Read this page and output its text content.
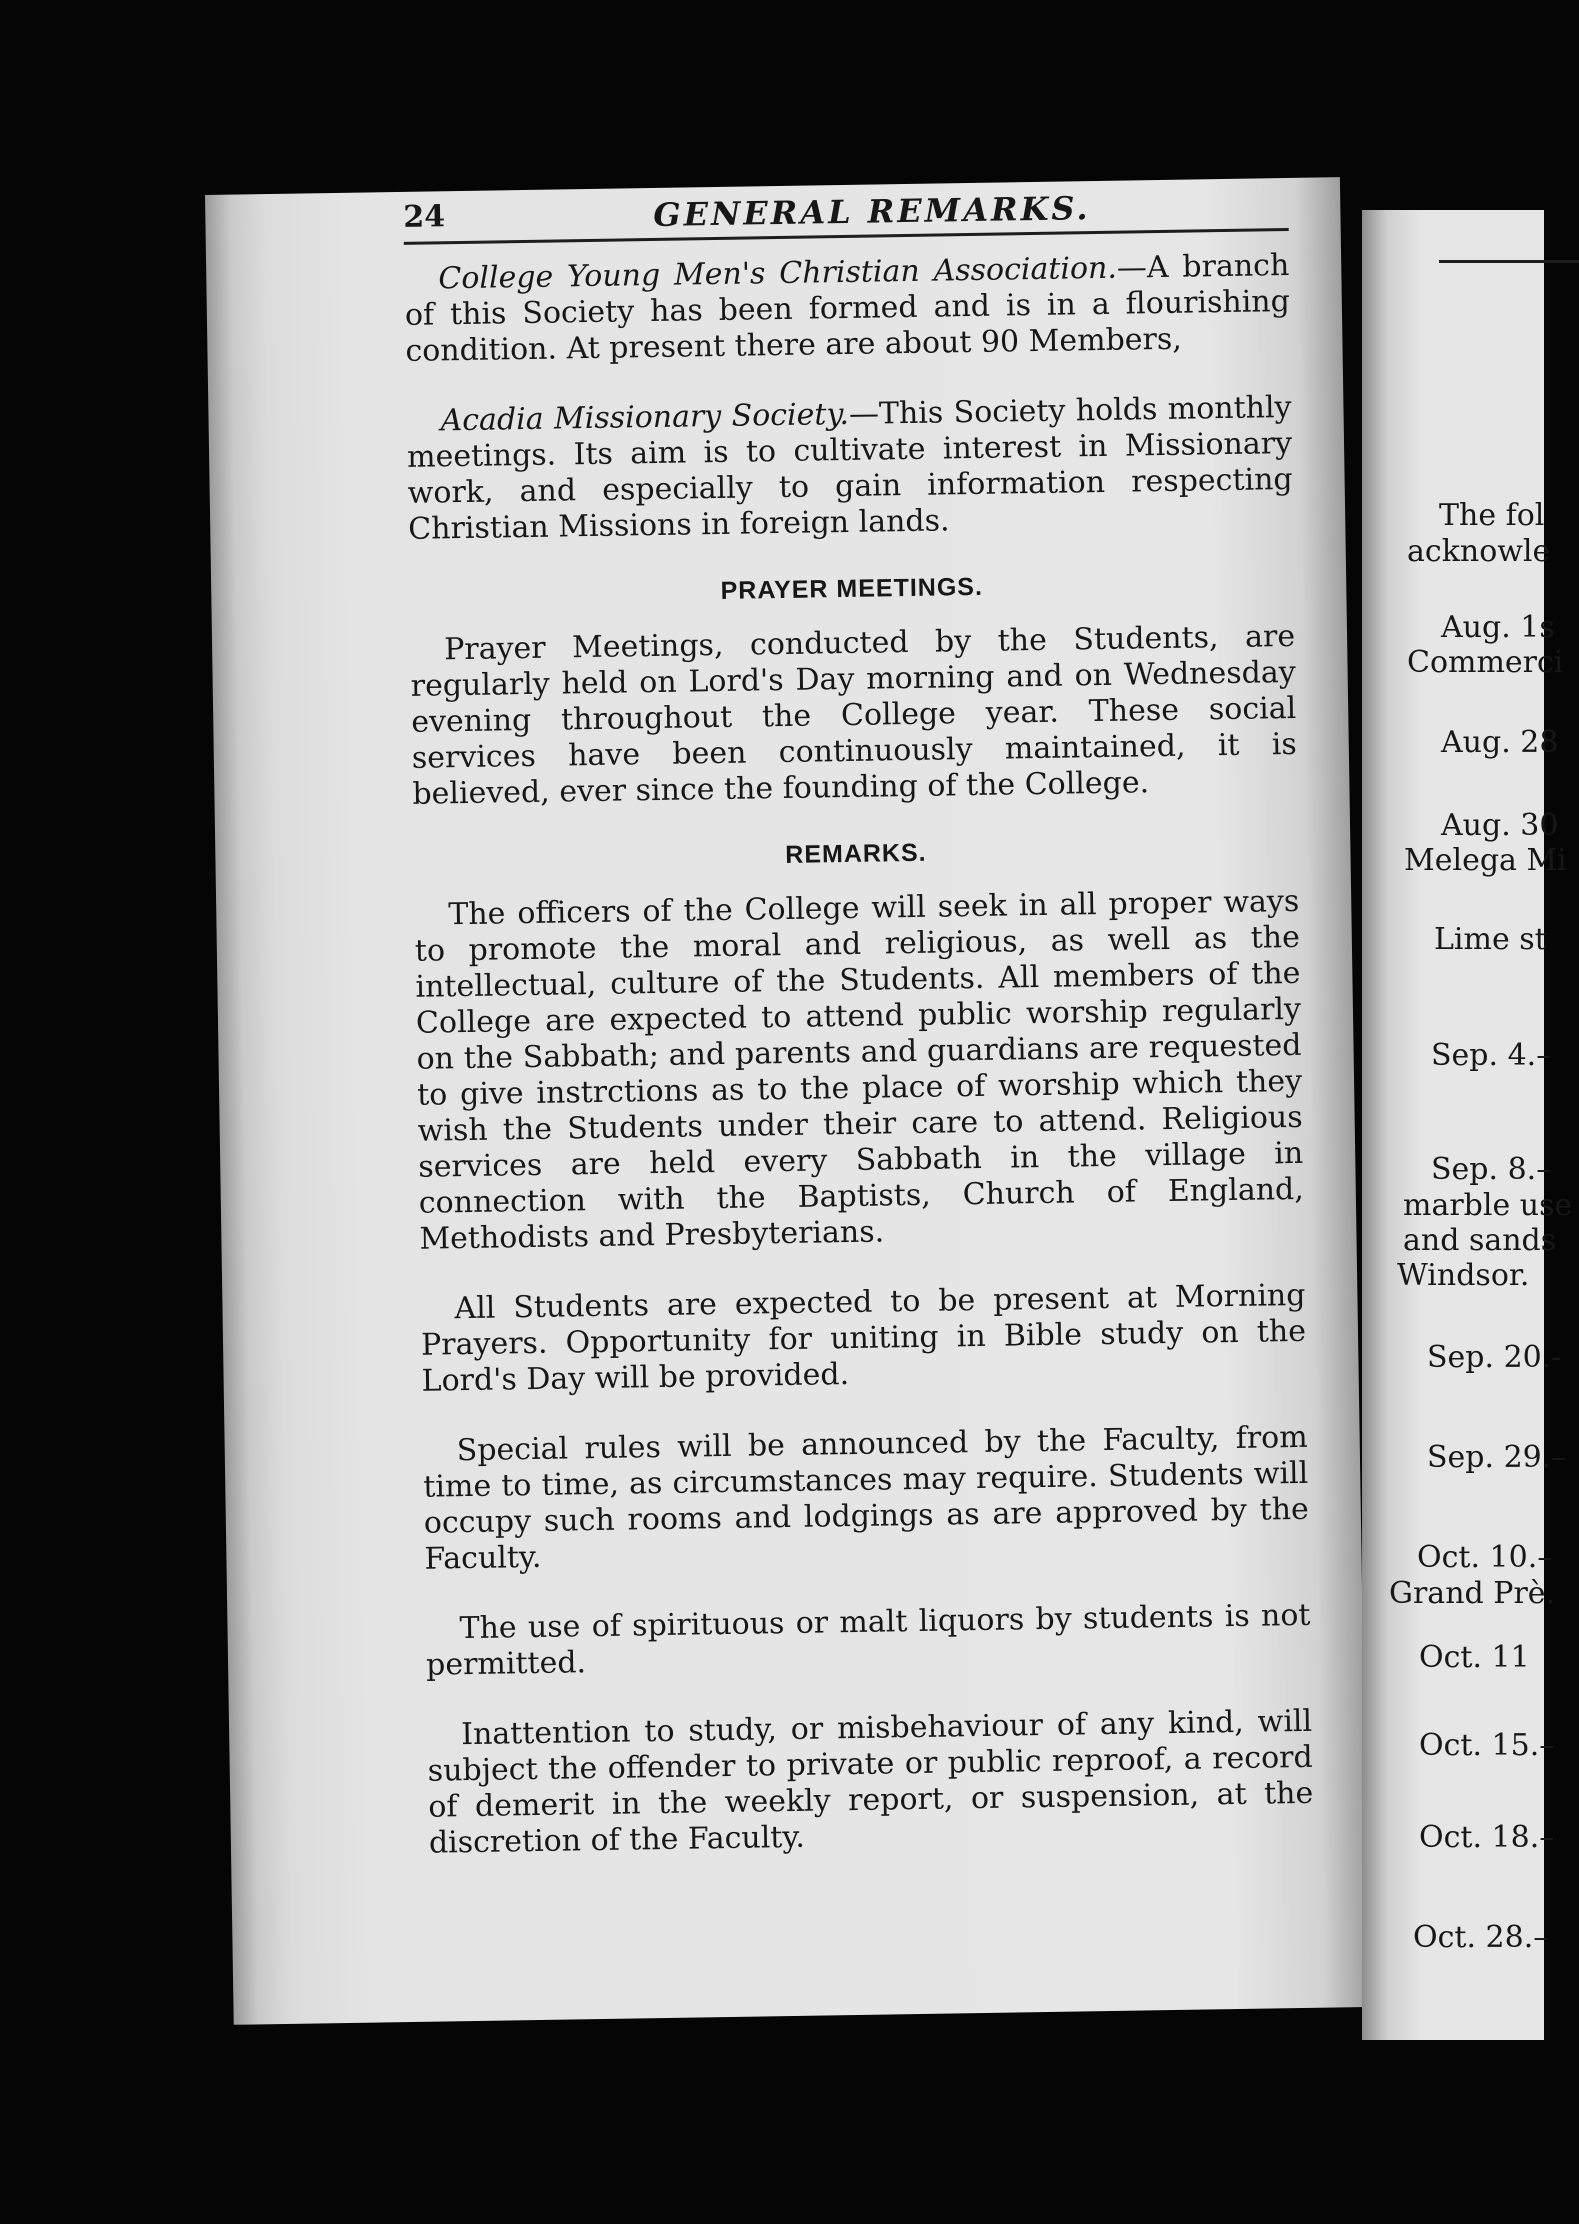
24	GENERAL REMARKS.

College Young Men's Christian Association.—A branch of this Society has been formed and is in a flourishing condition. At present there are about 90 Members,

Acadia Missionary Society.—This Society holds monthly meetings. Its aim is to cultivate interest in Missionary work, and especially to gain information respecting Christian Missions in foreign lands.

PRAYER MEETINGS.

Prayer Meetings, conducted by the Students, are regularly held on Lord's Day morning and on Wednesday evening throughout the College year. These social services have been continuously maintained, it is believed, ever since the founding of the College.

REMARKS.

The officers of the College will seek in all proper ways to promote the moral and religious, as well as the intellectual, culture of the Students. All members of the College are expected to attend public worship regularly on the Sabbath; and parents and guardians are requested to give instrctions as to the place of worship which they wish the Students under their care to attend. Religious services are held every Sabbath in the village in connection with the Baptists, Church of England, Methodists and Presbyterians.

All Students are expected to be present at Morning Prayers. Opportunity for uniting in Bible study on the Lord's Day will be provided.

Special rules will be announced by the Faculty, from time to time, as circumstances may require. Students will occupy such rooms and lodgings as are approved by the Faculty.

The use of spirituous or malt liquors by students is not permitted.

Inattention to study, or misbehaviour of any kind, will subject the offender to private or public reproof, a record of demerit in the weekly report, or suspension, at the discretion of the Faculty.

The fol
acknowle
Aug. 1s
Commerci
Aug. 28
Aug. 30
Melega Mi
Lime st
Sep. 4.–
Sep. 8.–
marble use
and sands
Windsor.
Sep. 20.-
Sep. 29.–
Oct. 10.–
Grand Prè.
Oct. 11
Oct. 15.–
Oct. 18.–
Oct. 28.–
